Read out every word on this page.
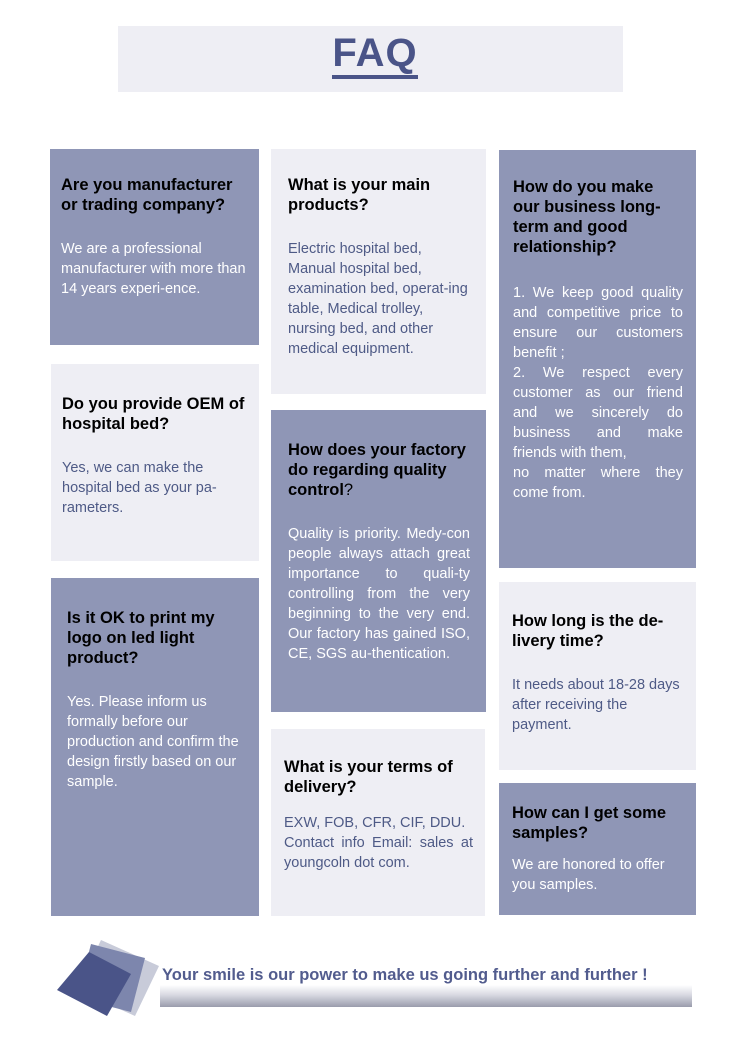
FAQ

Are you manufacturer or trading company?

We are a professional manufacturer with more than 14 years experi-ence.

Do you provide OEM of hospital bed?

Yes, we can make the hospital bed as your pa-rameters.

Is it OK to print my logo on led light product?

Yes. Please inform us formally before our production and confirm the design firstly based on our sample.

What is your main products?

Electric hospital bed, Manual hospital bed, examination bed, operat-ing table, Medical trolley, nursing bed, and other medical equipment.

How does your factory do regarding quality control?

Quality is priority. Medy-con people always attach great importance to quali-ty controlling from the very beginning to the very end. Our factory has gained ISO, CE, SGS au-thentication.

What is your terms of delivery?

EXW, FOB, CFR, CIF, DDU.
Contact info Email: sales at youngcoln dot com.

How do you make our business long-term and good relationship?

1. We keep good quality and competitive price to ensure our customers benefit ;
2. We respect every customer as our friend and we sincerely do business and make friends with them,
no matter where they come from.

How long is the de-livery time?

It needs about 18-28 days after receiving the payment.

How can I get some samples?

We are honored to offer you samples.

Your smile is our power to make us going further and further !
